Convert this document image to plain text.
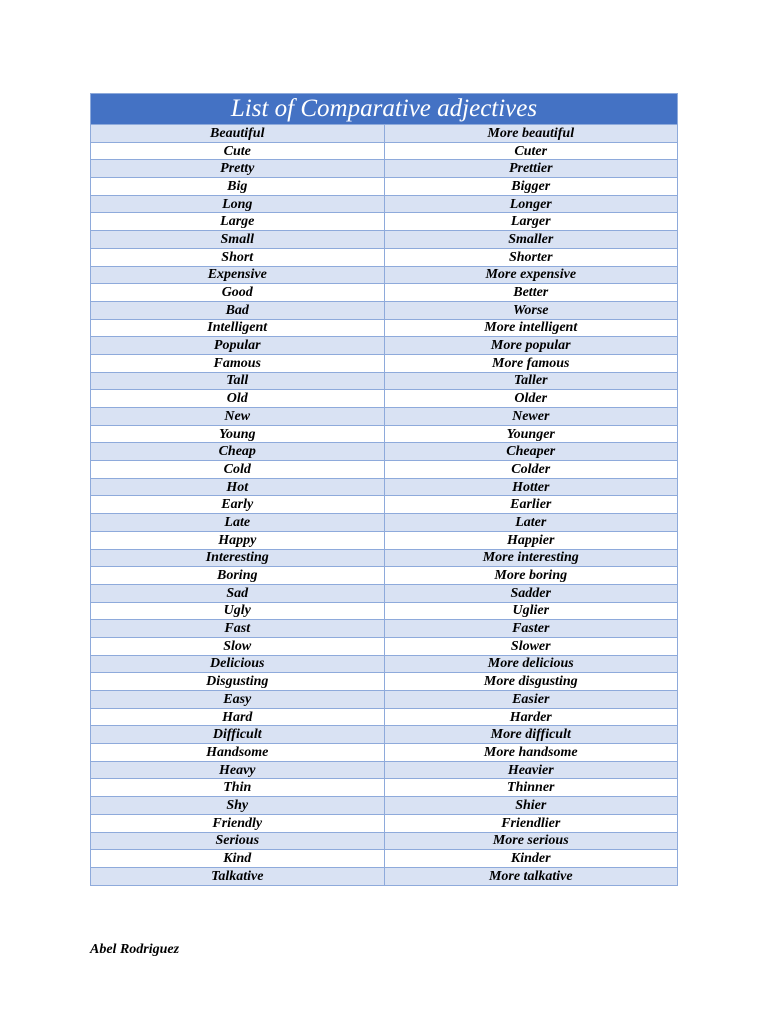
List of Comparative adjectives	
Beautiful	More beautiful
Cute	Cuter
Pretty	Prettier
Big	Bigger
Long	Longer
Large	Larger
Small	Smaller
Short	Shorter
Expensive	More expensive
Good	Better
Bad	Worse
Intelligent	More intelligent
Popular	More popular
Famous	More famous
Tall	Taller
Old	Older
New	Newer
Young	Younger
Cheap	Cheaper
Cold	Colder
Hot	Hotter
Early	Earlier
Late	Later
Happy	Happier
Interesting	More interesting
Boring	More boring
Sad	Sadder
Ugly	Uglier
Fast	Faster
Slow	Slower
Delicious	More delicious
Disgusting	More disgusting
Easy	Easier
Hard	Harder
Difficult	More difficult
Handsome	More handsome
Heavy	Heavier
Thin	Thinner
Shy	Shier
Friendly	Friendlier
Serious	More serious
Kind	Kinder
Talkative	More talkative
Abel Rodriguez
